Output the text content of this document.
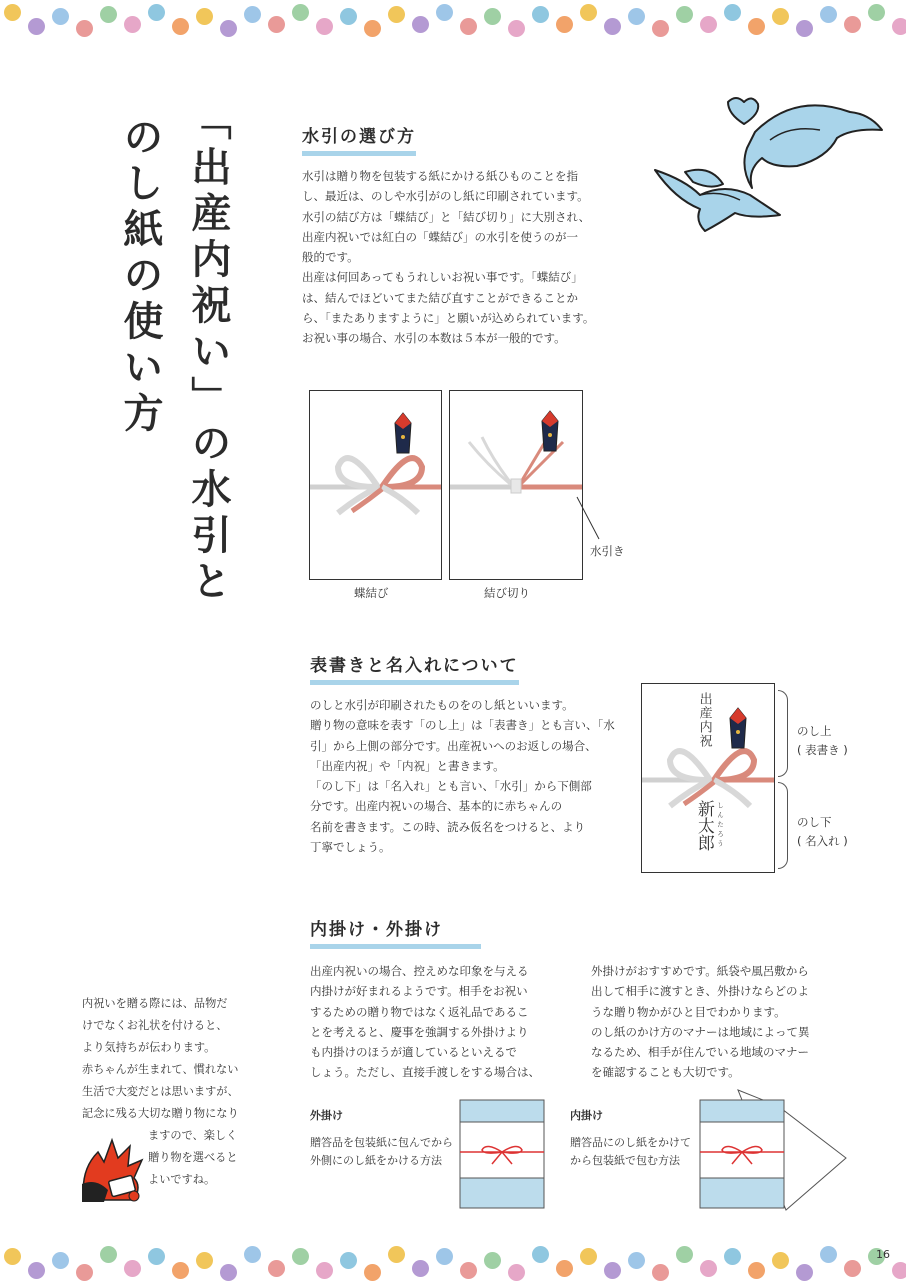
「出産内祝い」の水引と
のし紙の使い方	水引の選び方
水引は贈り物を包装する紙にかける紙ひものことを指
し、最近は、のしや水引がのし紙に印刷されています。
水引の結び方は「蝶結び」と「結び切り」に大別され、
出産内祝いでは紅白の「蝶結び」の水引を使うのが一
般的です。
出産は何回あってもうれしいお祝い事です。「蝶結び」
は、結んでほどいてまた結び直すことができることか
ら、「またありますように」と願いが込められています。
お祝い事の場合、水引の本数は５本が一般的です。
水引き
蝶結び	結び切り
表書きと名入れについて
のしと水引が印刷されたものをのし紙といいます。
贈り物の意味を表す「のし上」は「表書き」とも言い、「水
引」から上側の部分です。出産祝いへのお返しの場合、
「出産内祝」や「内祝」と書きます。
「のし下」は「名入れ」とも言い、「水引」から下側部
分です。出産内祝いの場合、基本的に赤ちゃんの
名前を書きます。この時、読み仮名をつけると、より
丁寧でしょう。
出産内祝
新太郎 しんたろう
のし上
( 表書き )
のし下
( 名入れ )
内掛け・外掛け
出産内祝いの場合、控えめな印象を与える
内掛けが好まれるようです。相手をお祝い
するための贈り物ではなく返礼品であるこ
とを考えると、慶事を強調する外掛けより
も内掛けのほうが適しているといえるで
しょう。ただし、直接手渡しをする場合は、
外掛けがおすすめです。紙袋や風呂敷から
出して相手に渡すとき、外掛けならどのよ
うな贈り物かがひと目でわかります。
のし紙のかけ方のマナーは地域によって異
なるため、相手が住んでいる地域のマナー
を確認することも大切です。
外掛け
贈答品を包装紙に包んでから
外側にのし紙をかける方法
内掛け
贈答品にのし紙をかけて
から包装紙で包む方法
内祝いを贈る際には、品物だ
けでなくお礼状を付けると、
より気持ちが伝わります。
赤ちゃんが生まれて、慣れない
生活で大変だとは思いますが、
記念に残る大切な贈り物になり
ますので、楽しく
贈り物を選べると
よいですね。
16
